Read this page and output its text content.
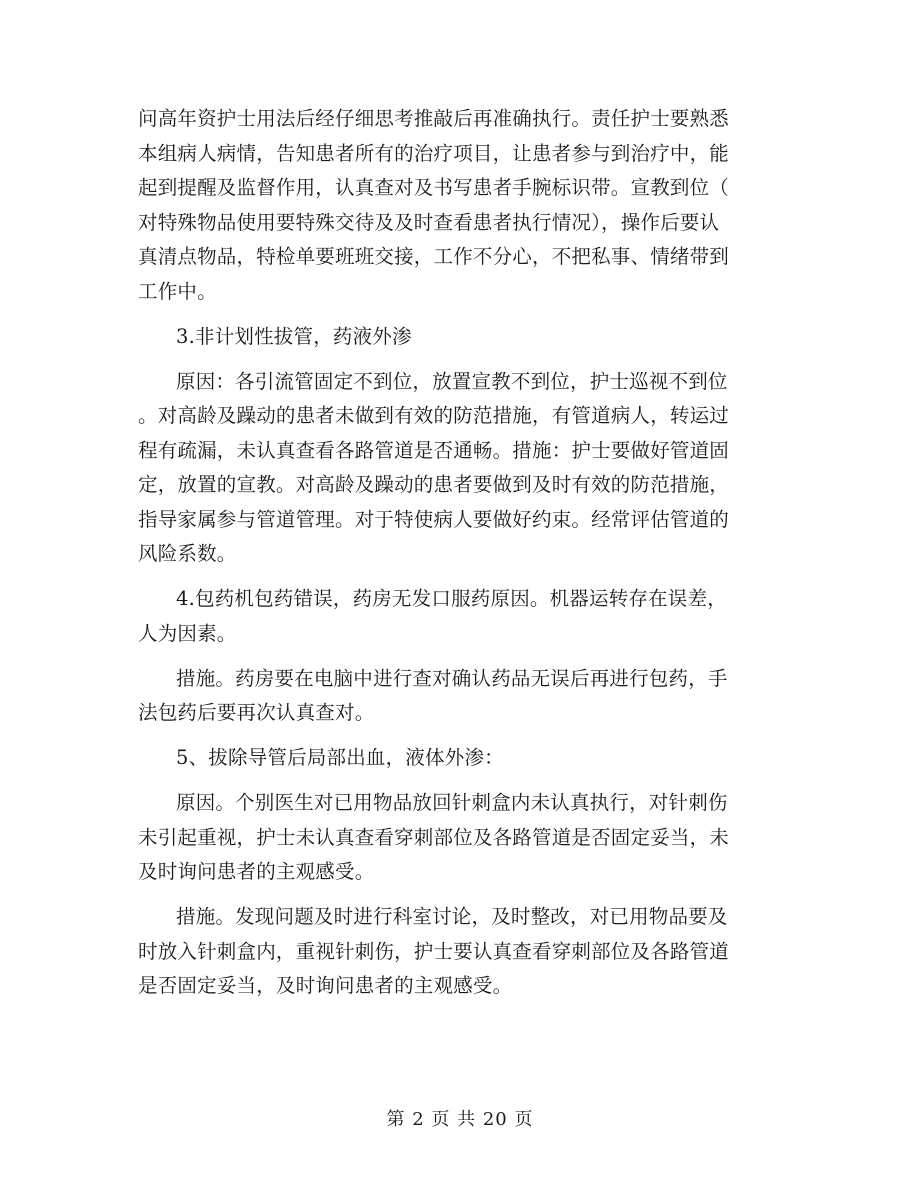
问高年资护士用法后经仔细思考推敲后再准确执行。责任护士要熟悉
本组病人病情，告知患者所有的治疗项目，让患者参与到治疗中，能
起到提醒及监督作用，认真查对及书写患者手腕标识带。宣教到位（
对特殊物品使用要特殊交待及及时查看患者执行情况），操作后要认
真清点物品，特检单要班班交接，工作不分心，不把私事、情绪带到
工作中。
3.非计划性拔管，药液外渗
原因：各引流管固定不到位，放置宣教不到位，护士巡视不到位
。对高龄及躁动的患者未做到有效的防范措施，有管道病人，转运过
程有疏漏，未认真查看各路管道是否通畅。措施：护士要做好管道固
定，放置的宣教。对高龄及躁动的患者要做到及时有效的防范措施，
指导家属参与管道管理。对于特使病人要做好约束。经常评估管道的
风险系数。
4.包药机包药错误，药房无发口服药原因。机器运转存在误差，
人为因素。
措施。药房要在电脑中进行查对确认药品无误后再进行包药，手
法包药后要再次认真查对。
5、拔除导管后局部出血，液体外渗：
原因。个别医生对已用物品放回针刺盒内未认真执行，对针刺伤
未引起重视，护士未认真查看穿刺部位及各路管道是否固定妥当，未
及时询问患者的主观感受。
措施。发现问题及时进行科室讨论，及时整改，对已用物品要及
时放入针刺盒内，重视针刺伤，护士要认真查看穿刺部位及各路管道
是否固定妥当，及时询问患者的主观感受。
第 2 页 共 20 页
